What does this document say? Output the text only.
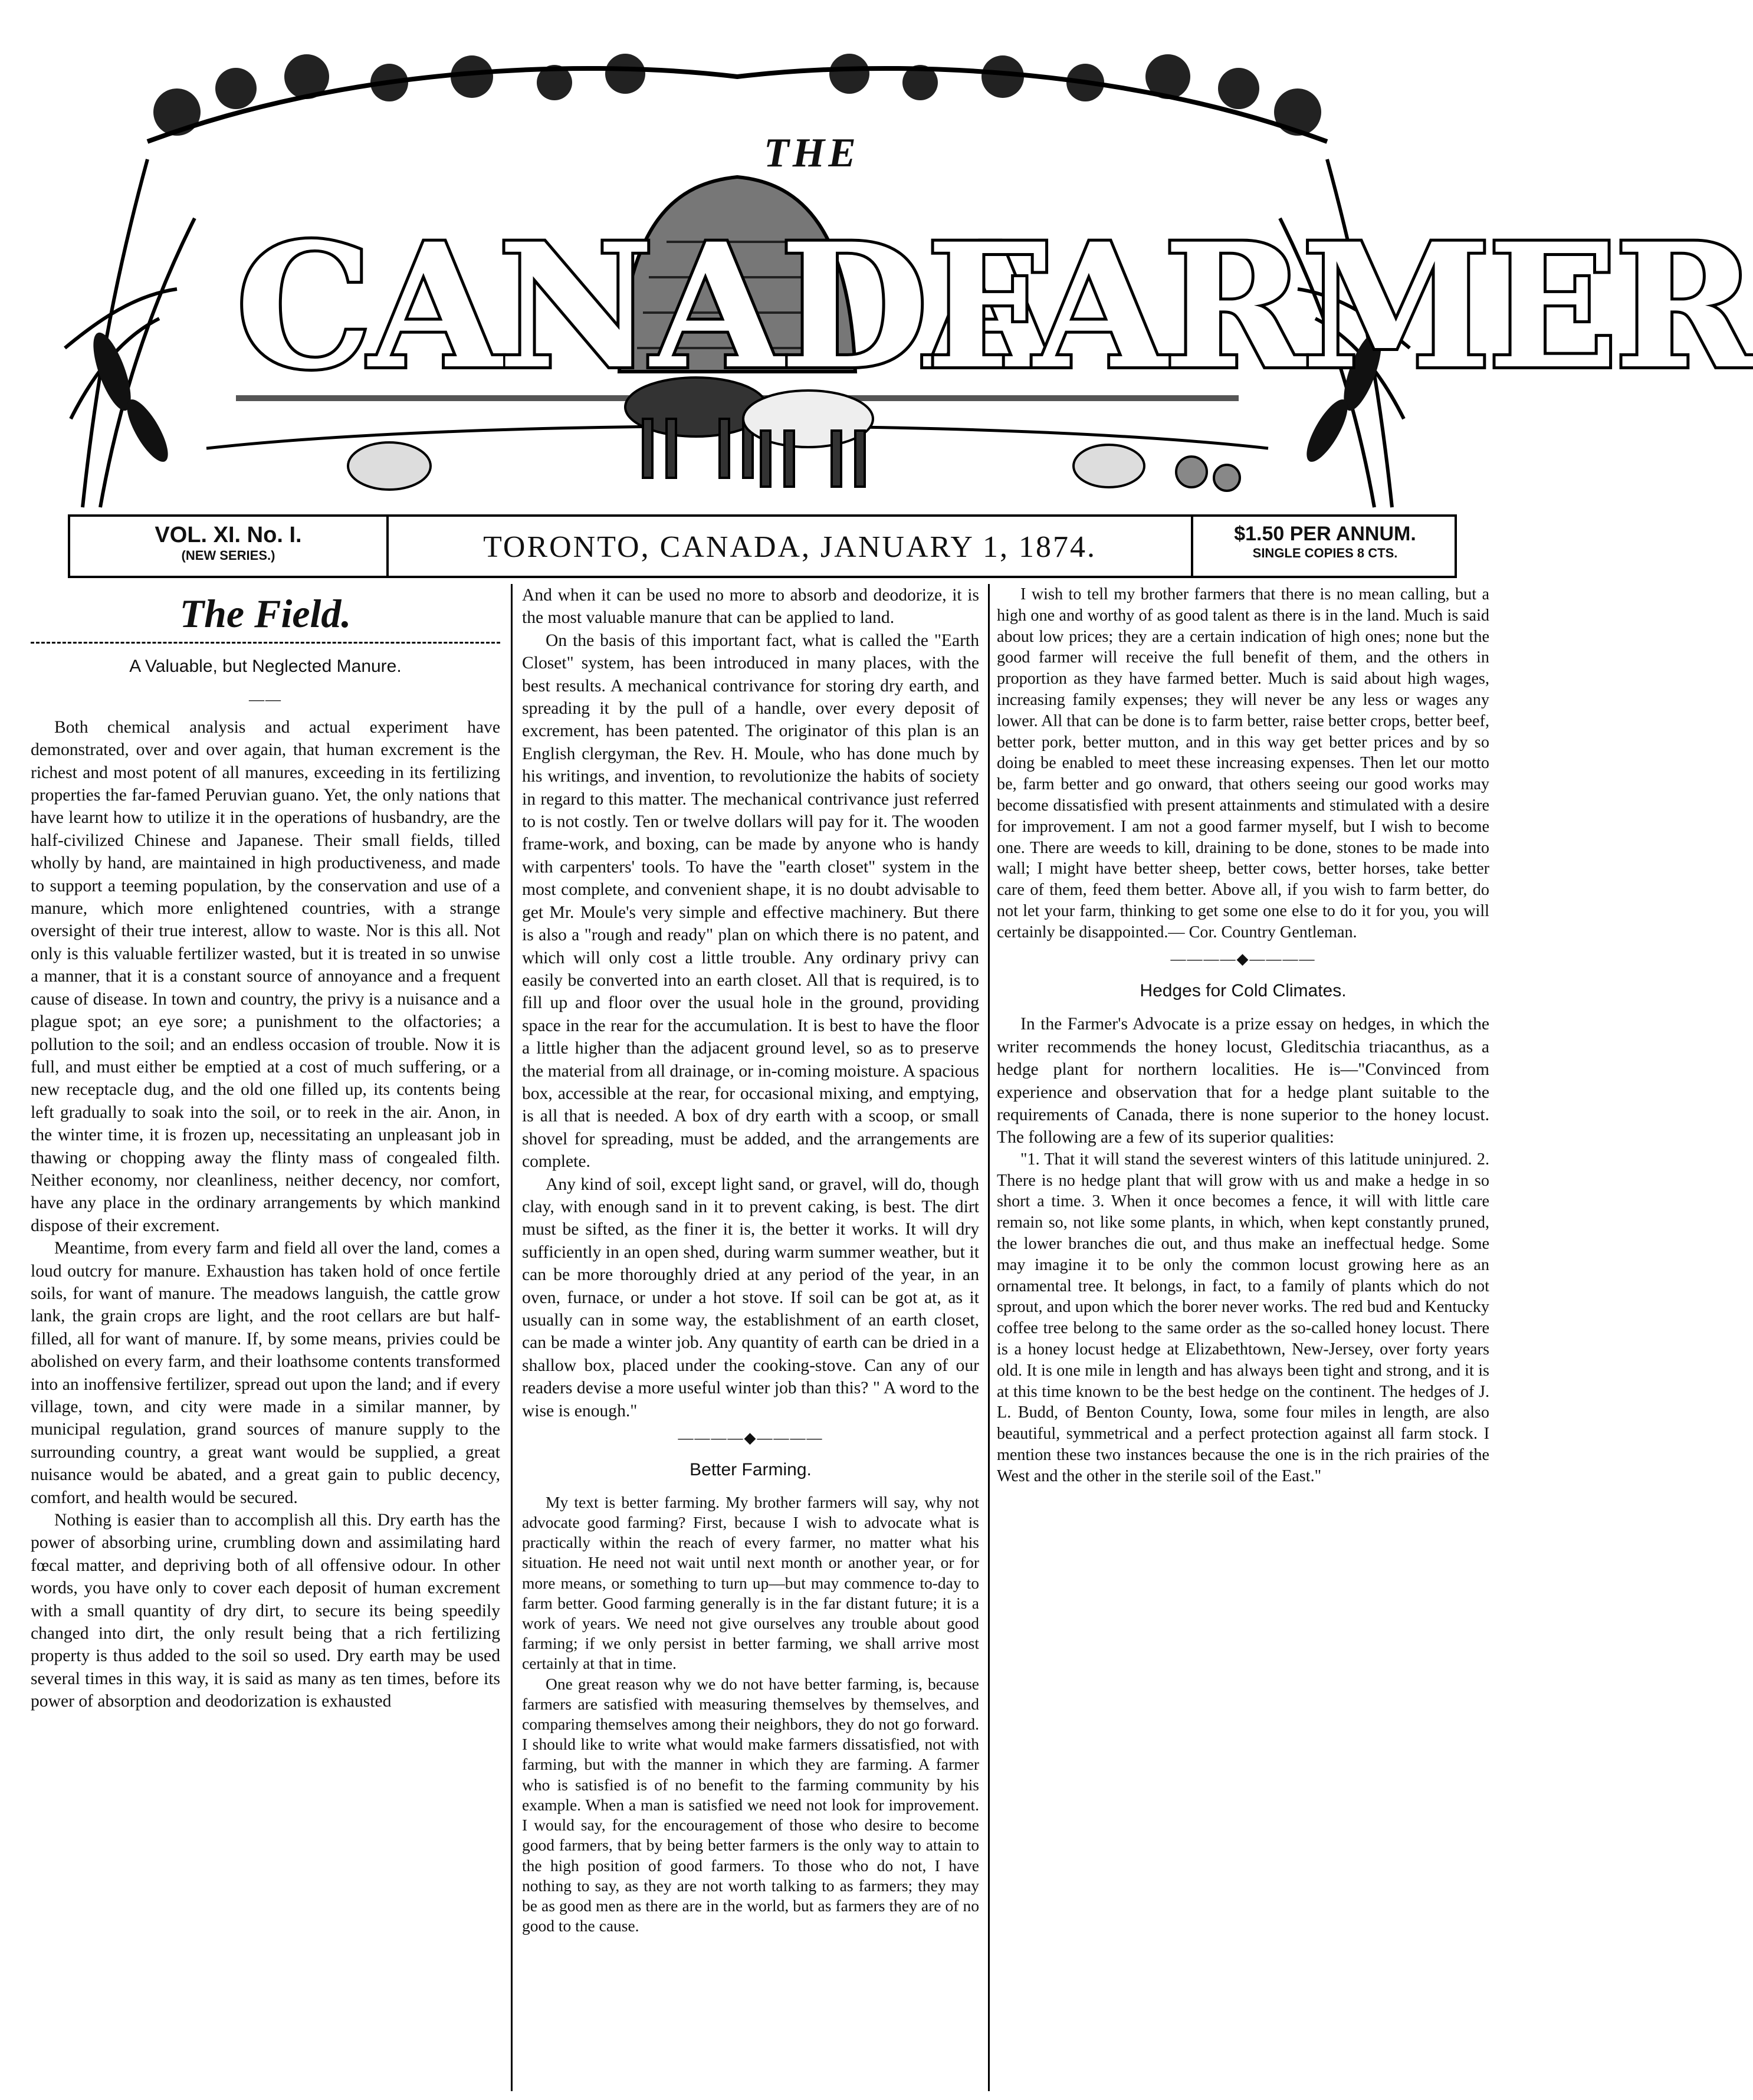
THE
CANADA
FARMER
VOL. XI. No. I.
(NEW SERIES.)	TORONTO, CANADA, JANUARY 1, 1874.	$1.50 PER ANNUM.
SINGLE COPIES 8 CTS.
The Field.
A Valuable, but Neglected Manure.
——

Both chemical analysis and actual experiment have demonstrated, over and over again, that human excrement is the richest and most potent of all manures, exceeding in its fertilizing properties the far-famed Peruvian guano. Yet, the only nations that have learnt how to utilize it in the operations of husbandry, are the half-civilized Chinese and Japanese. Their small fields, tilled wholly by hand, are maintained in high productiveness, and made to support a teeming population, by the conservation and use of a manure, which more enlightened countries, with a strange oversight of their true interest, allow to waste. Nor is this all. Not only is this valuable fertilizer wasted, but it is treated in so unwise a manner, that it is a constant source of annoyance and a frequent cause of disease. In town and country, the privy is a nuisance and a plague spot; an eye sore; a punishment to the olfactories; a pollution to the soil; and an endless occasion of trouble. Now it is full, and must either be emptied at a cost of much suffering, or a new receptacle dug, and the old one filled up, its contents being left gradually to soak into the soil, or to reek in the air. Anon, in the winter time, it is frozen up, necessitating an unpleasant job in thawing or chopping away the flinty mass of congealed filth. Neither economy, nor cleanliness, neither decency, nor comfort, have any place in the ordinary arrangements by which mankind dispose of their excrement.

Meantime, from every farm and field all over the land, comes a loud outcry for manure. Exhaustion has taken hold of once fertile soils, for want of manure. The meadows languish, the cattle grow lank, the grain crops are light, and the root cellars are but half-filled, all for want of manure. If, by some means, privies could be abolished on every farm, and their loathsome contents transformed into an inoffensive fertilizer, spread out upon the land; and if every village, town, and city were made in a similar manner, by municipal regulation, grand sources of manure supply to the surrounding country, a great want would be supplied, a great nuisance would be abated, and a great gain to public decency, comfort, and health would be secured.

Nothing is easier than to accomplish all this. Dry earth has the power of absorbing urine, crumbling down and assimilating hard fœcal matter, and depriving both of all offensive odour. In other words, you have only to cover each deposit of human excrement with a small quantity of dry dirt, to secure its being speedily changed into dirt, the only result being that a rich fertilizing property is thus added to the soil so used. Dry earth may be used several times in this way, it is said as many as ten times, before its power of absorption and deodorization is exhausted

And when it can be used no more to absorb and deodorize, it is the most valuable manure that can be applied to land.

On the basis of this important fact, what is called the "Earth Closet" system, has been introduced in many places, with the best results. A mechanical contrivance for storing dry earth, and spreading it by the pull of a handle, over every deposit of excrement, has been patented. The originator of this plan is an English clergyman, the Rev. H. Moule, who has done much by his writings, and invention, to revolutionize the habits of society in regard to this matter. The mechanical contrivance just referred to is not costly. Ten or twelve dollars will pay for it. The wooden frame-work, and boxing, can be made by anyone who is handy with carpenters' tools. To have the "earth closet" system in the most complete, and convenient shape, it is no doubt advisable to get Mr. Moule's very simple and effective machinery. But there is also a "rough and ready" plan on which there is no patent, and which will only cost a little trouble. Any ordinary privy can easily be converted into an earth closet. All that is required, is to fill up and floor over the usual hole in the ground, providing space in the rear for the accumulation. It is best to have the floor a little higher than the adjacent ground level, so as to preserve the material from all drainage, or in-coming moisture. A spacious box, accessible at the rear, for occasional mixing, and emptying, is all that is needed. A box of dry earth with a scoop, or small shovel for spreading, must be added, and the arrangements are complete.

Any kind of soil, except light sand, or gravel, will do, though clay, with enough sand in it to prevent caking, is best. The dirt must be sifted, as the finer it is, the better it works. It will dry sufficiently in an open shed, during warm summer weather, but it can be more thoroughly dried at any period of the year, in an oven, furnace, or under a hot stove. If soil can be got at, as it usually can in some way, the establishment of an earth closet, can be made a winter job. Any quantity of earth can be dried in a shallow box, placed under the cooking-stove. Can any of our readers devise a more useful winter job than this? " A word to the wise is enough."

————◆————
Better Farming.

My text is better farming. My brother farmers will say, why not advocate good farming? First, because I wish to advocate what is practically within the reach of every farmer, no matter what his situation. He need not wait until next month or another year, or for more means, or something to turn up—but may commence to-day to farm better. Good farming generally is in the far distant future; it is a work of years. We need not give ourselves any trouble about good farming; if we only persist in better farming, we shall arrive most certainly at that in time.

One great reason why we do not have better farming, is, because farmers are satisfied with measuring themselves by themselves, and comparing themselves among their neighbors, they do not go forward. I should like to write what would make farmers dissatisfied, not with farming, but with the manner in which they are farming. A farmer who is satisfied is of no benefit to the farming community by his example. When a man is satisfied we need not look for improvement. I would say, for the encouragement of those who desire to become good farmers, that by being better farmers is the only way to attain to the high position of good farmers. To those who do not, I have nothing to say, as they are not worth talking to as farmers; they may be as good men as there are in the world, but as farmers they are of no good to the cause.

I wish to tell my brother farmers that there is no mean calling, but a high one and worthy of as good talent as there is in the land. Much is said about low prices; they are a certain indication of high ones; none but the good farmer will receive the full benefit of them, and the others in proportion as they have farmed better. Much is said about high wages, increasing family expenses; they will never be any less or wages any lower. All that can be done is to farm better, raise better crops, better beef, better pork, better mutton, and in this way get better prices and by so doing be enabled to meet these increasing expenses. Then let our motto be, farm better and go onward, that others seeing our good works may become dissatisfied with present attainments and stimulated with a desire for improvement. I am not a good farmer myself, but I wish to become one. There are weeds to kill, draining to be done, stones to be made into wall; I might have better sheep, better cows, better horses, take better care of them, feed them better. Above all, if you wish to farm better, do not let your farm, thinking to get some one else to do it for you, you will certainly be disappointed.— Cor. Country Gentleman.

————◆————
Hedges for Cold Climates.

In the Farmer's Advocate is a prize essay on hedges, in which the writer recommends the honey locust, Gleditschia triacanthus, as a hedge plant for northern localities. He is—"Convinced from experience and observation that for a hedge plant suitable to the requirements of Canada, there is none superior to the honey locust. The following are a few of its superior qualities:

"1. That it will stand the severest winters of this latitude uninjured. 2. There is no hedge plant that will grow with us and make a hedge in so short a time. 3. When it once becomes a fence, it will with little care remain so, not like some plants, in which, when kept constantly pruned, the lower branches die out, and thus make an ineffectual hedge. Some may imagine it to be only the common locust growing here as an ornamental tree. It belongs, in fact, to a family of plants which do not sprout, and upon which the borer never works. The red bud and Kentucky coffee tree belong to the same order as the so-called honey locust. There is a honey locust hedge at Elizabethtown, New-Jersey, over forty years old. It is one mile in length and has always been tight and strong, and it is at this time known to be the best hedge on the continent. The hedges of J. L. Budd, of Benton County, Iowa, some four miles in length, are also beautiful, symmetrical and a perfect protection against all farm stock. I mention these two instances because the one is in the rich prairies of the West and the other in the sterile soil of the East."
